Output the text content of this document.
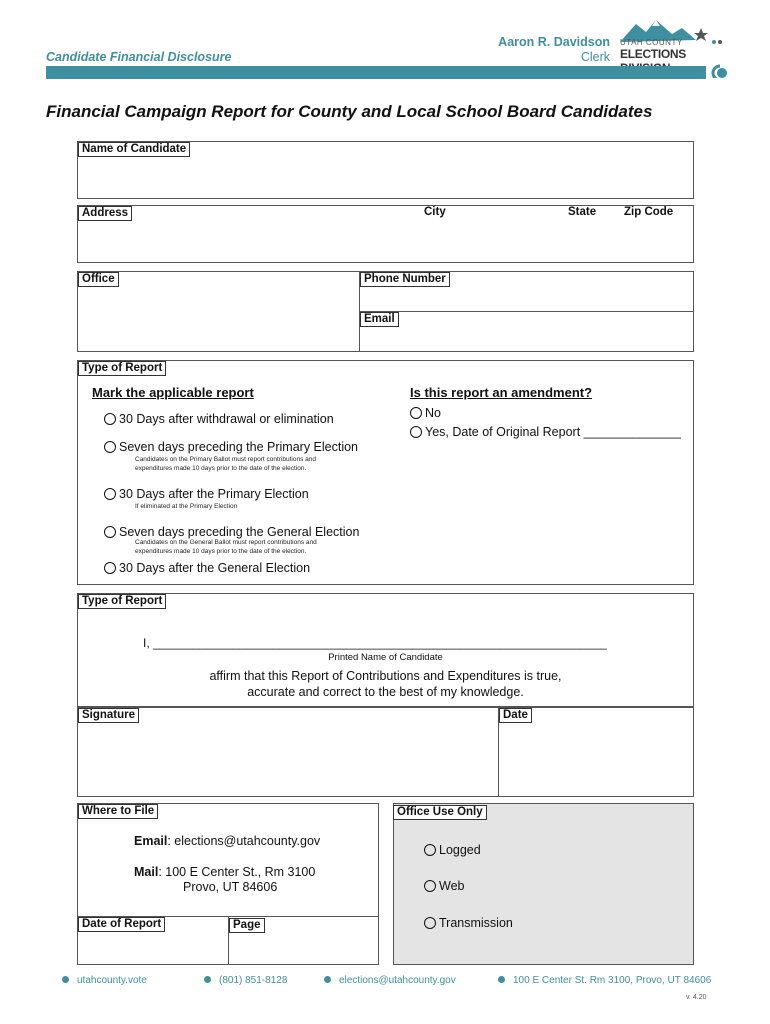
Candidate Financial Disclosure
Aaron R. Davidson
Clerk
UTAH COUNTY
ELECTIONS
Financial Campaign Report for County and Local School Board Candidates
Name of Candidate
Address	City	State Zip Code
Office	Phone Number
Email
Type of Report
Mark the applicable report	Is this report an amendment?
30 Days after withdrawal or elimination
Seven days preceding the Primary Election
Candidates on the Primary Ballot must report contributions and expenditures made 10 days prior to the date of the election.
30 Days after the Primary Election
If eliminated at the Primary Election
Seven days preceding the General Election
Candidates on the General Ballot must report contributions and expenditures made 10 days prior to the date of the election.
30 Days after the General Election
No
Yes, Date of Original Report ______________
Type of Report
I, ____________________________________________________________________
Printed Name of Candidate
affirm that this Report of Contributions and Expenditures is true,
accurate and correct to the best of my knowledge.
Signature	Date
Where to File
Email: elections@utahcounty.gov
Mail: 100 E Center St., Rm 3100
Provo, UT 84606
Date of Report	Page
Office Use Only
Logged
Web
Transmission
utahcounty.vote	(801) 851-8128	elections@utahcounty.gov	100 E Center St. Rm 3100, Provo, UT 84606
v. 4.20
